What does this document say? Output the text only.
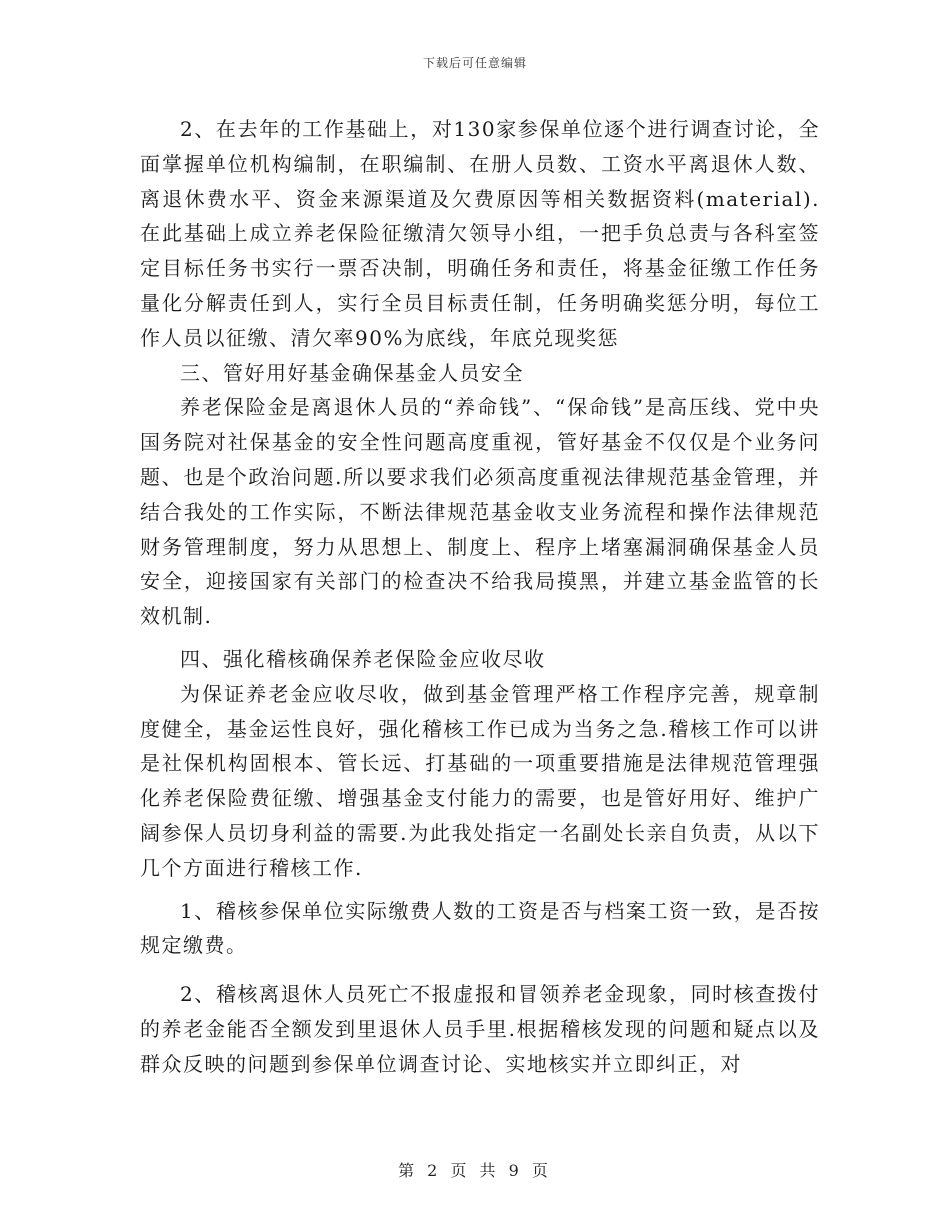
下载后可任意编辑

2、在去年的工作基础上，对130家参保单位逐个进行调查讨论，全面掌握单位机构编制，在职编制、在册人员数、工资水平离退休人数、离退休费水平、资金来源渠道及欠费原因等相关数据资料(material).在此基础上成立养老保险征缴清欠领导小组，一把手负总责与各科室签定目标任务书实行一票否决制，明确任务和责任，将基金征缴工作任务量化分解责任到人，实行全员目标责任制，任务明确奖惩分明，每位工作人员以征缴、清欠率90%为底线，年底兑现奖惩

三、管好用好基金确保基金人员安全

养老保险金是离退休人员的“养命钱”、“保命钱”是高压线、党中央国务院对社保基金的安全性问题高度重视，管好基金不仅仅是个业务问题、也是个政治问题.所以要求我们必须高度重视法律规范基金管理，并结合我处的工作实际，不断法律规范基金收支业务流程和操作法律规范财务管理制度，努力从思想上、制度上、程序上堵塞漏洞确保基金人员安全，迎接国家有关部门的检查决不给我局摸黑，并建立基金监管的长效机制.

四、强化稽核确保养老保险金应收尽收

为保证养老金应收尽收，做到基金管理严格工作程序完善，规章制度健全，基金运性良好，强化稽核工作已成为当务之急.稽核工作可以讲是社保机构固根本、管长远、打基础的一项重要措施是法律规范管理强化养老保险费征缴、增强基金支付能力的需要，也是管好用好、维护广阔参保人员切身利益的需要.为此我处指定一名副处长亲自负责，从以下几个方面进行稽核工作.

1、稽核参保单位实际缴费人数的工资是否与档案工资一致，是否按规定缴费。

2、稽核离退休人员死亡不报虚报和冒领养老金现象，同时核查拨付的养老金能否全额发到里退休人员手里.根据稽核发现的问题和疑点以及群众反映的问题到参保单位调查讨论、实地核实并立即纠正，对

第 2 页 共 9 页
